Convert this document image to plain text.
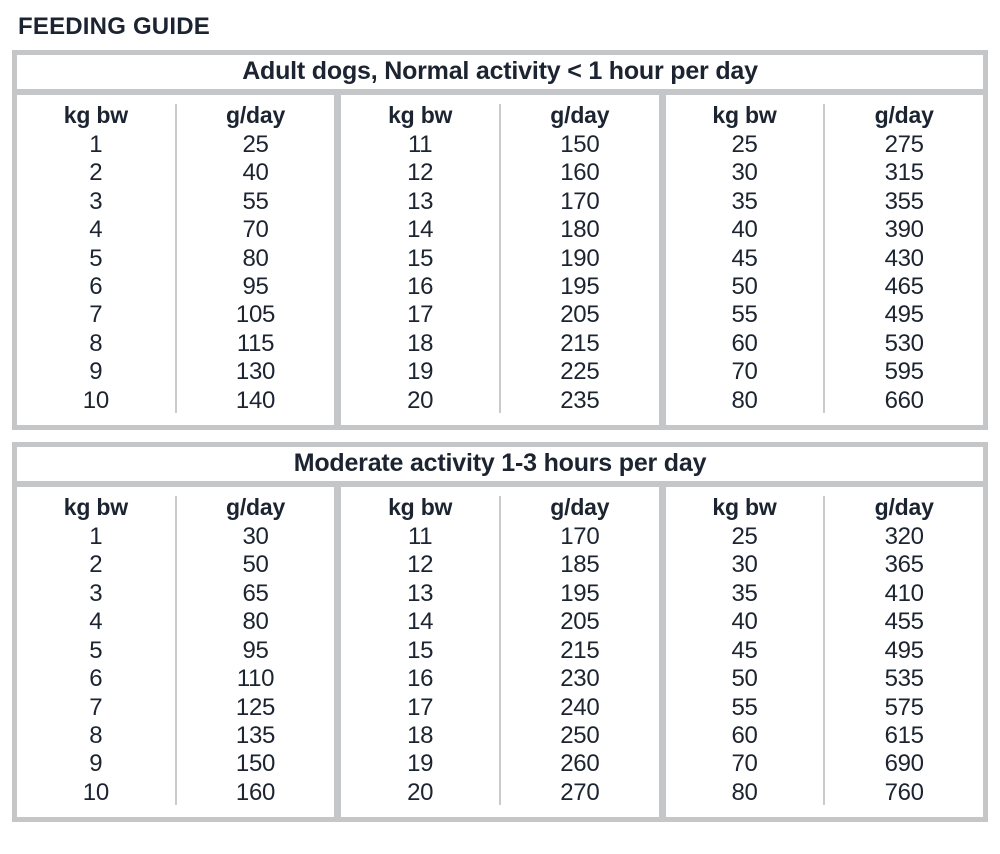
FEEDING GUIDE
Adult dogs, Normal activity < 1 hour per day
kg bw
1
2
3
4
5
6
7
8
9
10
g/day
25
40
55
70
80
95
105
115
130
140
kg bw
11
12
13
14
15
16
17
18
19
20
g/day
150
160
170
180
190
195
205
215
225
235
kg bw
25
30
35
40
45
50
55
60
70
80
g/day
275
315
355
390
430
465
495
530
595
660
Moderate activity 1-3 hours per day
kg bw
1
2
3
4
5
6
7
8
9
10
g/day
30
50
65
80
95
110
125
135
150
160
kg bw
11
12
13
14
15
16
17
18
19
20
g/day
170
185
195
205
215
230
240
250
260
270
kg bw
25
30
35
40
45
50
55
60
70
80
g/day
320
365
410
455
495
535
575
615
690
760
